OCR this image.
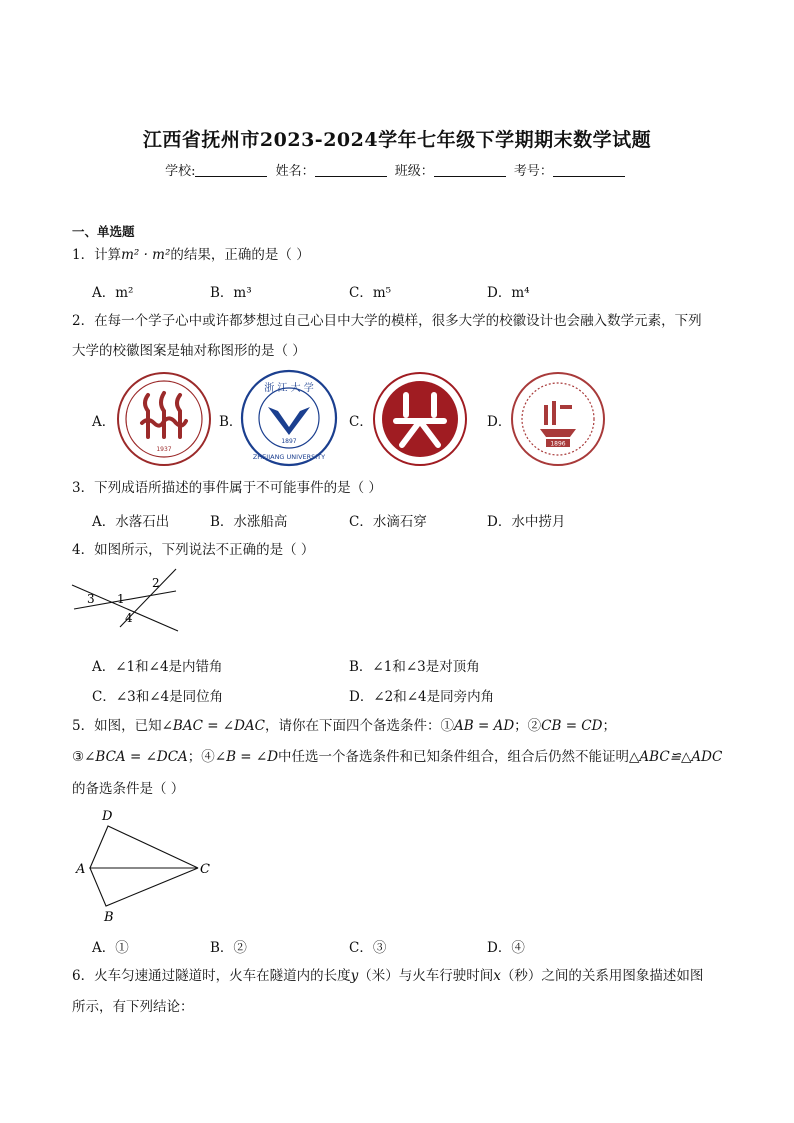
江西省抚州市2023-2024学年七年级下学期期末数学试题
学校:	姓名：	班级：	考号：
一、单选题
1．计算m² · m²的结果，正确的是（ ）
A．m²	B．m³	C．m⁵	D．m⁴
2．在每一个学子心中或许都梦想过自己心目中大学的模样，很多大学的校徽设计也会融入数学元素，下列
大学的校徽图案是轴对称图形的是（ ）
A．
1937
B．
浙 江 大 学
1897
ZHEJIANG UNIVERSITY
C．	D．
1896
3．下列成语所描述的事件属于不可能事件的是（ ）
A．水落石出	B．水涨船高	C．水滴石穿	D．水中捞月
4．如图所示，下列说法不正确的是（ ）
3 1
2
4
A．∠1和∠4是内错角	B．∠1和∠3是对顶角
C．∠3和∠4是同位角	D．∠2和∠4是同旁内角
5．如图，已知∠BAC = ∠DAC，请你在下面四个备选条件：①AB = AD；②CB = CD；
③∠BCA = ∠DCA；④∠B = ∠D中任选一个备选条件和已知条件组合，组合后仍然不能证明△ABC≌△ADC
的备选条件是（ ）
D
A	C
B
A．①	B．②	C．③	D．④
6．火车匀速通过隧道时，火车在隧道内的长度y（米）与火车行驶时间x（秒）之间的关系用图象描述如图
所示，有下列结论：
